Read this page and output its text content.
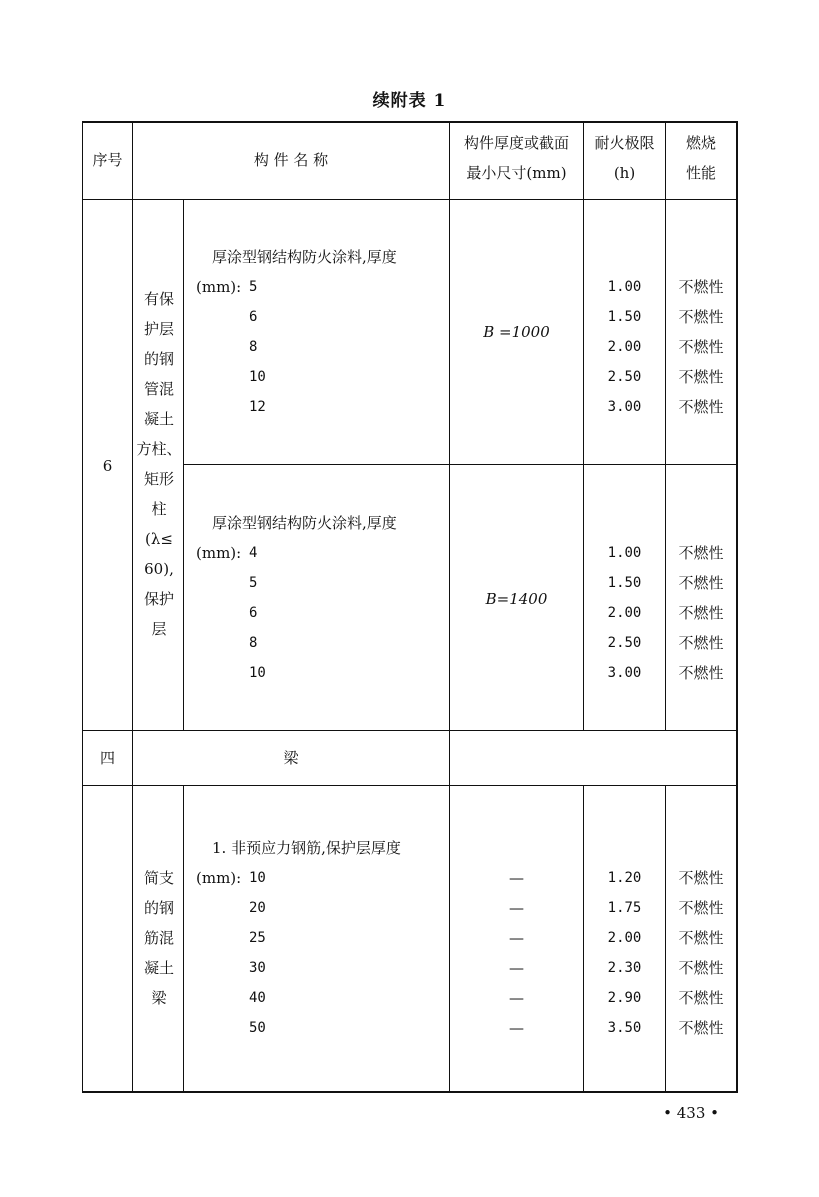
续附表 1
序号	构 件 名 称
构件厚度或截面
最小尺寸(mm)
耐火极限
(h)
燃烧
性能
6
有保
护层
的钢
管混
凝土
方柱、
矩形
柱
(λ≤
60),
保护
层
厚涂型钢结构防火涂料,厚度
(mm): 5
6
8
10
12
B =1000
1.00
1.50
2.00
2.50
3.00
不燃性
不燃性
不燃性
不燃性
不燃性
厚涂型钢结构防火涂料,厚度
(mm): 4
5
6
8
10
B=1400
1.00
1.50
2.00
2.50
3.00
不燃性
不燃性
不燃性
不燃性
不燃性
四	梁
简支
的钢
筋混
凝土
梁
1. 非预应力钢筋,保护层厚度
(mm): 10
20
25
30
40
50
—
—
—
—
—
—
1.20
1.75
2.00
2.30
2.90
3.50
不燃性
不燃性
不燃性
不燃性
不燃性
不燃性
• 433 •
